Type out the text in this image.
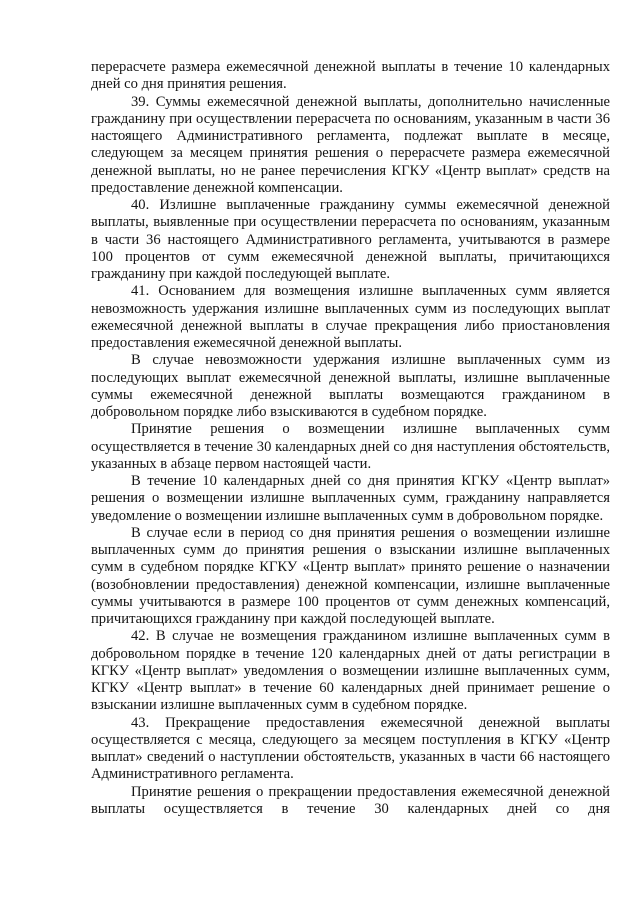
перерасчете размера ежемесячной денежной выплаты в течение 10 календарных дней со дня принятия решения.

39. Суммы ежемесячной денежной выплаты, дополнительно начисленные гражданину при осуществлении перерасчета по основаниям, указанным в части 36 настоящего Административного регламента, подлежат выплате в месяце, следующем за месяцем принятия решения о перерасчете размера ежемесячной денежной выплаты, но не ранее перечисления КГКУ «Центр выплат» средств на предоставление денежной компенсации.

40. Излишне выплаченные гражданину суммы ежемесячной денежной выплаты, выявленные при осуществлении перерасчета по основаниям, указанным в части 36 настоящего Административного регламента, учитываются в размере 100 процентов от сумм ежемесячной денежной выплаты, причитающихся гражданину при каждой последующей выплате.

41. Основанием для возмещения излишне выплаченных сумм является невозможность удержания излишне выплаченных сумм из последующих выплат ежемесячной денежной выплаты в случае прекращения либо приостановления предоставления ежемесячной денежной выплаты.

В случае невозможности удержания излишне выплаченных сумм из последующих выплат ежемесячной денежной выплаты, излишне выплаченные суммы ежемесячной денежной выплаты возмещаются гражданином в добровольном порядке либо взыскиваются в судебном порядке.

Принятие решения о возмещении излишне выплаченных сумм осуществляется в течение 30 календарных дней со дня наступления обстоятельств, указанных в абзаце первом настоящей части.

В течение 10 календарных дней со дня принятия КГКУ «Центр выплат» решения о возмещении излишне выплаченных сумм, гражданину направляется уведомление о возмещении излишне выплаченных сумм в добровольном порядке.

В случае если в период со дня принятия решения о возмещении излишне выплаченных сумм до принятия решения о взыскании излишне выплаченных сумм в судебном порядке КГКУ «Центр выплат» принято решение о назначении (возобновлении предоставления) денежной компенсации, излишне выплаченные суммы учитываются в размере 100 процентов от сумм денежных компенсаций, причитающихся гражданину при каждой последующей выплате.

42. В случае не возмещения гражданином излишне выплаченных сумм в добровольном порядке в течение 120 календарных дней от даты регистрации в КГКУ «Центр выплат» уведомления о возмещении излишне выплаченных сумм, КГКУ «Центр выплат» в течение 60 календарных дней принимает решение о взыскании излишне выплаченных сумм в судебном порядке.

43. Прекращение предоставления ежемесячной денежной выплаты осуществляется с месяца, следующего за месяцем поступления в КГКУ «Центр выплат» сведений о наступлении обстоятельств, указанных в части 66 настоящего Административного регламента.

Принятие решения о прекращении предоставления ежемесячной денежной выплаты осуществляется в течение 30 календарных дней со дня
